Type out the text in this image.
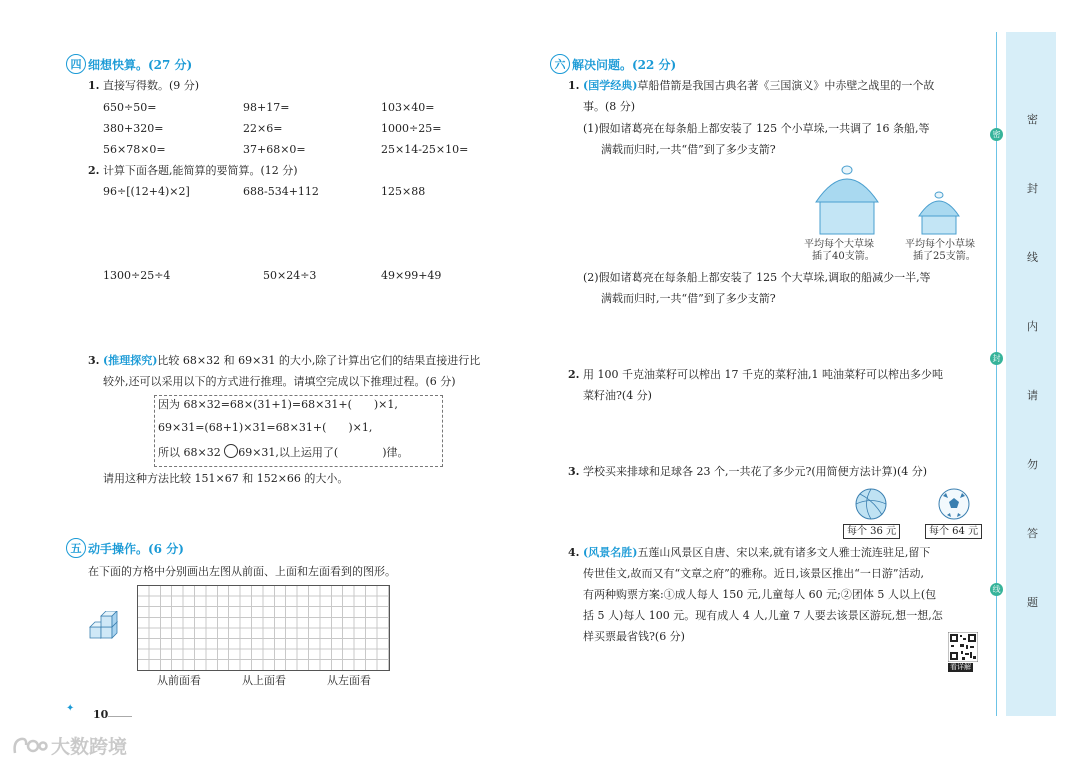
四 细想快算。(27 分)
1. 直接写得数。(9 分)
650÷50=	98+17=	103×40=
380+320=	22×6=	1000÷25=
56×78×0=	37+68×0=	25×14-25×10=
2. 计算下面各题,能简算的要简算。(12 分)
96÷[(12+4)×2]	688-534+112	125×88
1300÷25÷4	50×24÷3	49×99+49
3. (推理探究)比较 68×32 和 69×31 的大小,除了计算出它们的结果直接进行比
较外,还可以采用以下的方式进行推理。请填空完成以下推理过程。(6 分)
因为 68×32=68×(31+1)=68×31+(　　)×1,
69×31=(68+1)×31=68×31+(　　)×1,
所以 68×32 69×31,以上运用了(　　　　)律。
请用这种方法比较 151×67 和 152×66 的大小。
五 动手操作。(6 分)
在下面的方格中分别画出左图从前面、上面和左面看到的图形。
从前面看	从上面看	从左面看
✦ 10
六 解决问题。(22 分)
1. (国学经典)草船借箭是我国古典名著《三国演义》中赤壁之战里的一个故
事。(8 分)
(1)假如诸葛亮在每条船上都安装了 125 个小草垛,一共调了 16 条船,等
满载而归时,一共“借”到了多少支箭?
平均每个大草垛
插了40支箭。
平均每个小草垛
插了25支箭。
(2)假如诸葛亮在每条船上都安装了 125 个大草垛,调取的船减少一半,等
满载而归时,一共“借”到了多少支箭?
2. 用 100 千克油菜籽可以榨出 17 千克的菜籽油,1 吨油菜籽可以榨出多少吨
菜籽油?(4 分)
3. 学校买来排球和足球各 23 个,一共花了多少元?(用简便方法计算)(4 分)
每个 36 元	每个 64 元
4. (风景名胜)五莲山风景区自唐、宋以来,就有诸多文人雅士流连驻足,留下
传世佳文,故而又有“文章之府”的雅称。近日,该景区推出“一日游”活动,
有两种购票方案:①成人每人 150 元,儿童每人 60 元;②团体 5 人以上(包
括 5 人)每人 100 元。现有成人 4 人,儿童 7 人要去该景区游玩,想一想,怎
样买票最省钱?(6 分)
看详解
密
封
线
内
请
勿
答
题
密
封
线
大数跨境
